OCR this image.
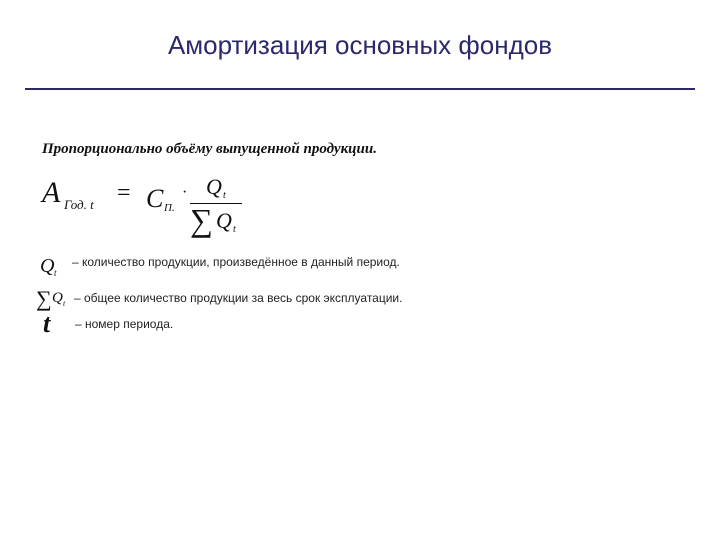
Амортизация основных фондов
Пропорционально объёму выпущенной продукции.
A Год. t = C П.
· Q t
∑ Q t
Q t
– количество продукции, произведённое в данный период.
∑ Q t – общее количество продукции за весь срок эксплуатации.
t – номер периода.
